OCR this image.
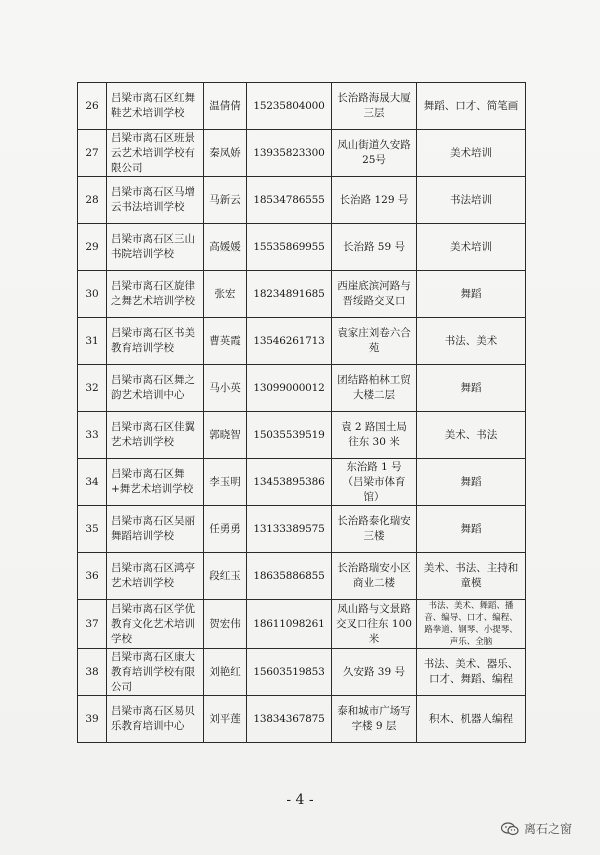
26	吕梁市离石区红舞鞋艺术培训学校	温倩倩	15235804000	长治路海晟大厦三层	舞蹈、口才、简笔画
27	吕梁市离石区班景云艺术培训学校有限公司	秦凤娇	13935823300	凤山街道久安路25号	美术培训
28	吕梁市离石区马增云书法培训学校	马新云	18534786555	长治路 129 号	书法培训
29	吕梁市离石区三山书院培训学校	高媛媛	15535869955	长治路 59 号	美术培训
30	吕梁市离石区旋律之舞艺术培训学校	张宏	18234891685	西崖底滨河路与晋绥路交叉口	舞蹈
31	吕梁市离石区书美教育培训学校	曹英霞	13546261713	袁家庄刘卷六合苑	书法、美术
32	吕梁市离石区舞之韵艺术培训中心	马小英	13099000012	团结路柏林工贸大楼二层	舞蹈
33	吕梁市离石区佳翼艺术培训学校	郭晓智	15035539519	袁 2 路国土局往东 30 米	美术、书法
34	吕梁市离石区舞+舞艺术培训学校	李玉明	13453895386	东治路 1 号（吕梁市体育馆）	舞蹈
35	吕梁市离石区吴丽舞蹈培训学校	任勇勇	13133389575	长治路泰化瑞安三楼	舞蹈
36	吕梁市离石区鸿亭艺术培训学校	段红玉	18635886855	长治路瑞安小区商业二楼	美术、书法、主持和童模
37	吕梁市离石区学优教育文化艺术培训学校	贺宏伟	18611098261	凤山路与文景路交叉口往东 100 米	书法、美术、舞蹈、播音、编导、口才、编程、路拳道、钢琴、小提琴、声乐、全脑
38	吕梁市离石区康大教育培训学校有限公司	刘艳红	15603519853	久安路 39 号	书法、美术、器乐、口才、舞蹈、编程
39	吕梁市离石区易贝乐教育培训中心	刘平莲	13834367875	泰和城市广场写字楼 9 层	积木、机器人编程
- 4 -
离石之窗
